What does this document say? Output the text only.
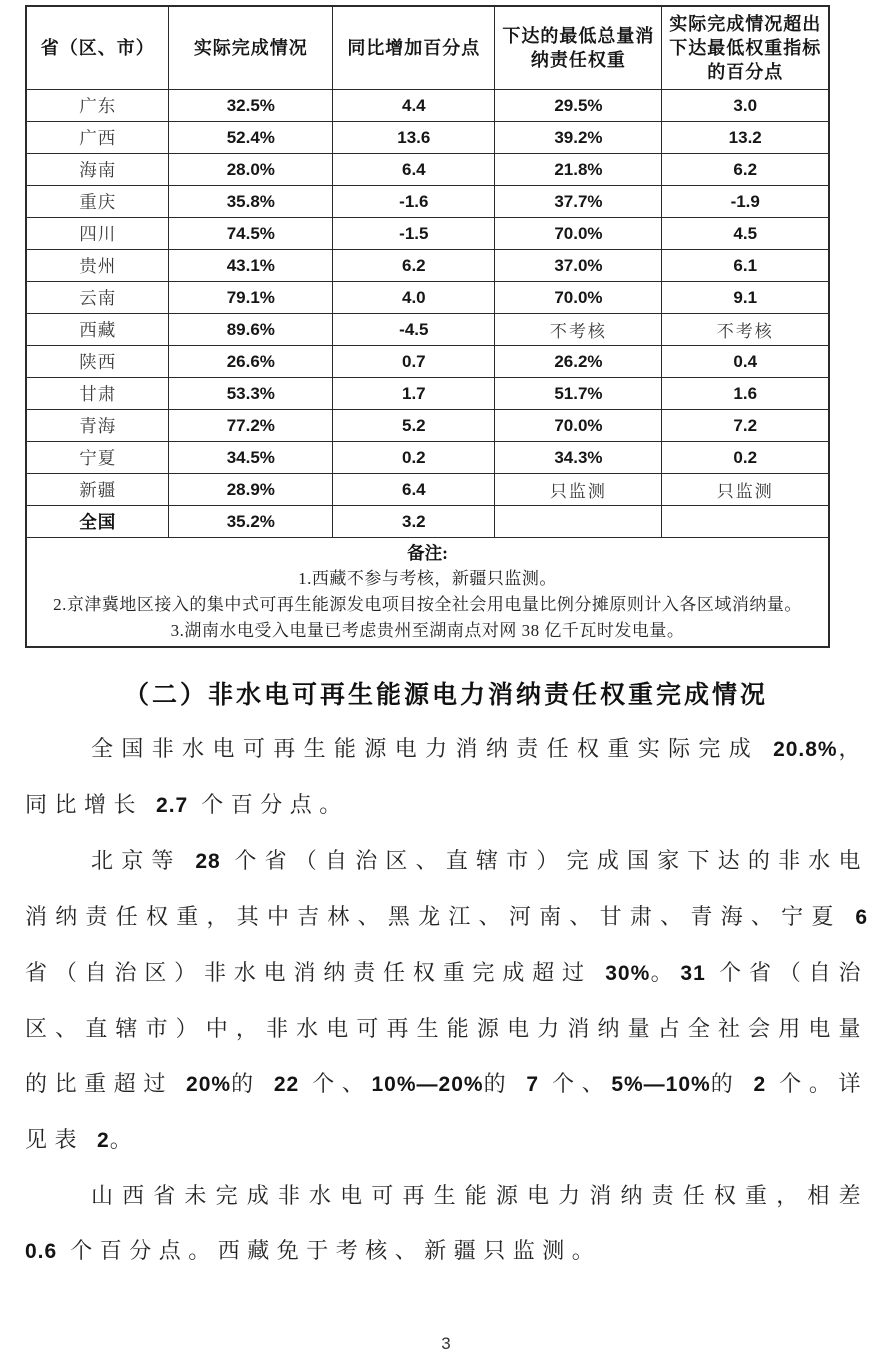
省（区、市）	实际完成情况	同比增加百分点	下达的最低总量消纳责任权重	实际完成情况超出下达最低权重指标的百分点
广东	32.5%	4.4	29.5%	3.0
广西	52.4%	13.6	39.2%	13.2
海南	28.0%	6.4	21.8%	6.2
重庆	35.8%	-1.6	37.7%	-1.9
四川	74.5%	-1.5	70.0%	4.5
贵州	43.1%	6.2	37.0%	6.1
云南	79.1%	4.0	70.0%	9.1
西藏	89.6%	-4.5	不考核	不考核
陕西	26.6%	0.7	26.2%	0.4
甘肃	53.3%	1.7	51.7%	1.6
青海	77.2%	5.2	70.0%	7.2
宁夏	34.5%	0.2	34.3%	0.2
新疆	28.9%	6.4	只监测	只监测
全国	35.2%	3.2		

备注:
1.西藏不参与考核，新疆只监测。
2.京津冀地区接入的集中式可再生能源发电项目按全社会用电量比例分摊原则计入各区域消纳量。
3.湖南水电受入电量已考虑贵州至湖南点对网 38 亿千瓦时发电量。				
（二）非水电可再生能源电力消纳责任权重完成情况

全国非水电可再生能源电力消纳责任权重实际完成 20.8%，同比增长 2.7 个百分点。

北京等 28 个省（自治区、直辖市）完成国家下达的非水电消纳责任权重，其中吉林、黑龙江、河南、甘肃、青海、宁夏 6 省（自治区）非水电消纳责任权重完成超过 30%。31 个省（自治区、直辖市）中，非水电可再生能源电力消纳量占全社会用电量的比重超过 20%的 22 个、10%—20%的 7 个、5%—10%的 2 个。详见表 2。

山西省未完成非水电可再生能源电力消纳责任权重，相差 0.6 个百分点。西藏免于考核、新疆只监测。

3
